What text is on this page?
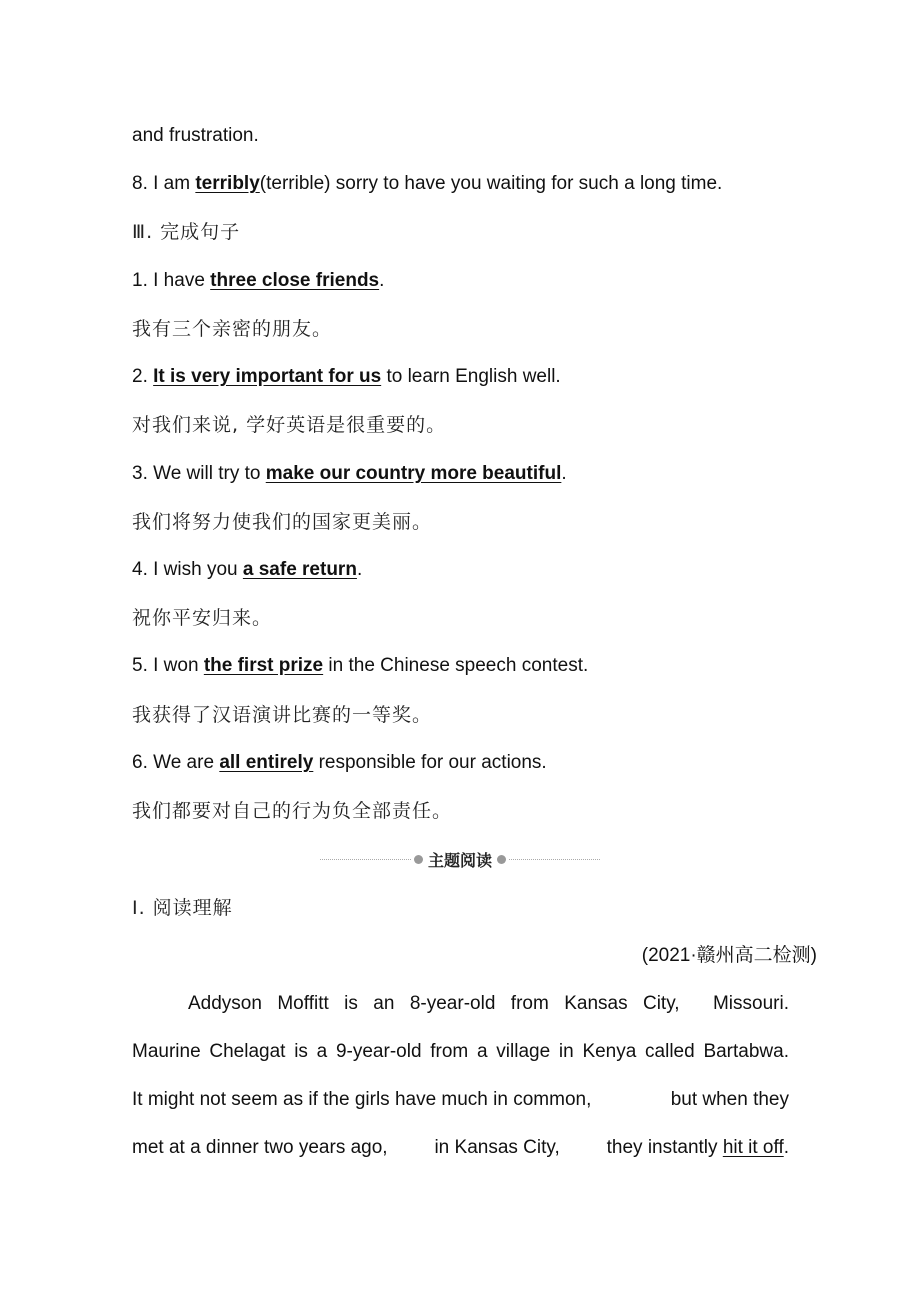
and frustration.
8. I am terribly(terrible) sorry to have you waiting for such a long time.
Ⅲ. 完成句子
1. I have three close friends.
我有三个亲密的朋友。
2. It is very important for us to learn English well.
对我们来说, 学好英语是很重要的。
3. We will try to make our country more beautiful.
我们将努力使我们的国家更美丽。
4. I wish you a safe return.
祝你平安归来。
5. I won the first prize in the Chinese speech contest.
我获得了汉语演讲比赛的一等奖。
6. We are all entirely responsible for our actions.
我们都要对自己的行为负全部责任。
主题阅读
Ⅰ. 阅读理解
(2021·赣州高二检测)
Addyson Moffitt is an 8-year-old from Kansas City, Missouri.
Maurine Chelagat is a 9-year-old from a village in Kenya called Bartabwa.
It might not seem as if the girls have much in common,	but when they
met at a dinner two years ago, in Kansas City, they instantly hit it off.
